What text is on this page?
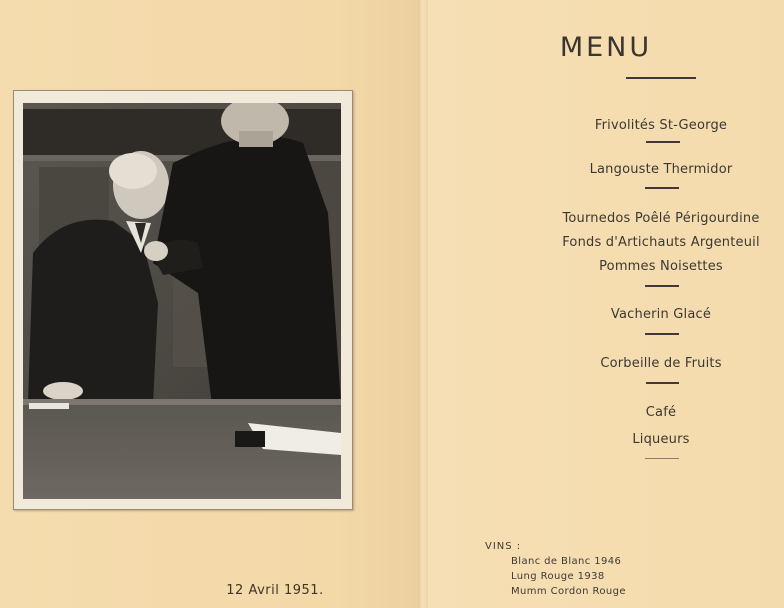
12 Avril 1951.
MENU
Frivolités St-George
Langouste Thermidor
Tournedos Poêlé Périgourdine
Fonds d'Artichauts Argenteuil
Pommes Noisettes
Vacherin Glacé
Corbeille de Fruits
Café
Liqueurs
VINS :
Blanc de Blanc 1946
Lung Rouge 1938
Mumm Cordon Rouge
